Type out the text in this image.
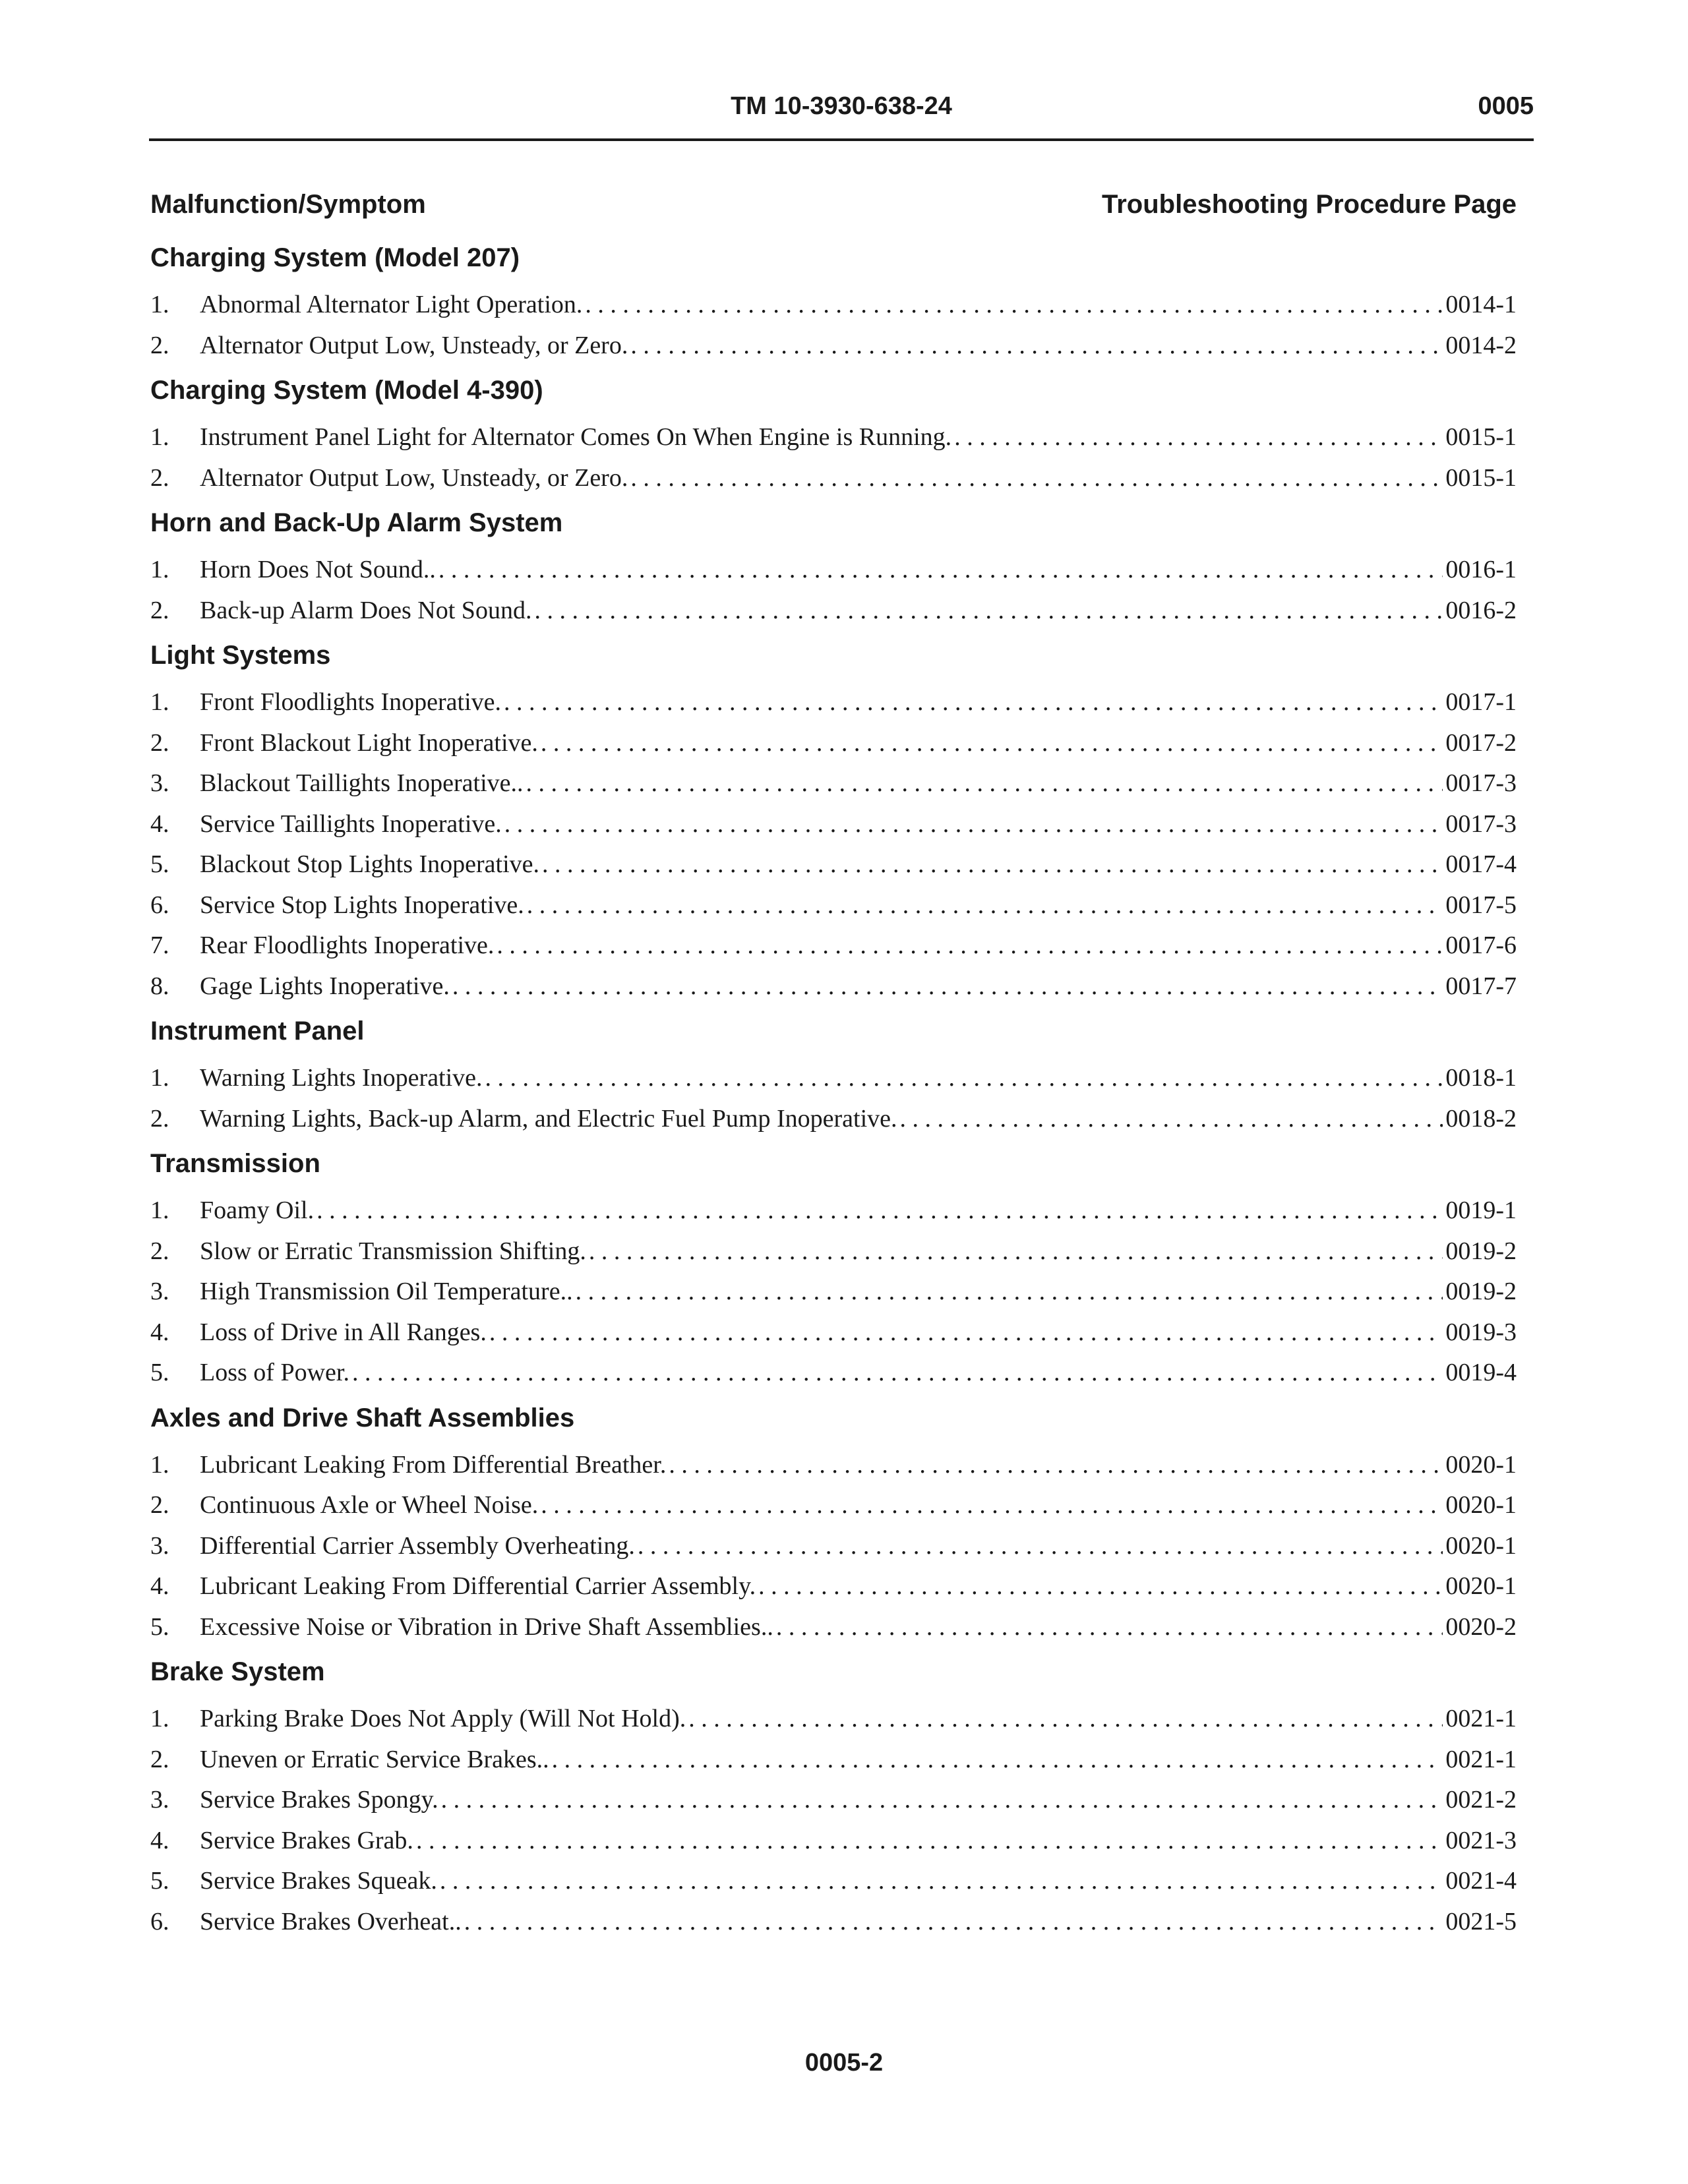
TM 10-3930-638-24	0005
Malfunction/Symptom	Troubleshooting Procedure Page
Charging System (Model 207)
1.	Abnormal Alternator Light Operation. . . .	0014-1
2.	Alternator Output Low, Unsteady, or Zero. . . .	0014-2
Charging System (Model 4-390)
1.	Instrument Panel Light for Alternator Comes On When Engine is Running. . . .	0015-1
2.	Alternator Output Low, Unsteady, or Zero. . . .	0015-1
Horn and Back-Up Alarm System
1.	Horn Does Not Sound.. . . .	0016-1
2.	Back-up Alarm Does Not Sound. . . .	0016-2
Light Systems
1.	Front Floodlights Inoperative. . . .	0017-1
2.	Front Blackout Light Inoperative. . . .	0017-2
3.	Blackout Taillights Inoperative.. . . .	0017-3
4.	Service Taillights Inoperative. . . .	0017-3
5.	Blackout Stop Lights Inoperative. . . .	0017-4
6.	Service Stop Lights Inoperative. . . .	0017-5
7.	Rear Floodlights Inoperative. . . .	0017-6
8.	Gage Lights Inoperative. . . .	0017-7
Instrument Panel
1.	Warning Lights Inoperative. . . .	0018-1
2.	Warning Lights, Back-up Alarm, and Electric Fuel Pump Inoperative. . . .	0018-2
Transmission
1.	Foamy Oil. . . .	0019-1
2.	Slow or Erratic Transmission Shifting. . . .	0019-2
3.	High Transmission Oil Temperature.. . . .	0019-2
4.	Loss of Drive in All Ranges. . . .	0019-3
5.	Loss of Power. . . .	0019-4
Axles and Drive Shaft Assemblies
1.	Lubricant Leaking From Differential Breather. . . .	0020-1
2.	Continuous Axle or Wheel Noise. . . .	0020-1
3.	Differential Carrier Assembly Overheating. . . .	0020-1
4.	Lubricant Leaking From Differential Carrier Assembly. . . .	0020-1
5.	Excessive Noise or Vibration in Drive Shaft Assemblies.. . . .	0020-2
Brake System
1.	Parking Brake Does Not Apply (Will Not Hold). . . .	0021-1
2.	Uneven or Erratic Service Brakes.. . . .	0021-1
3.	Service Brakes Spongy. . . .	0021-2
4.	Service Brakes Grab. . . .	0021-3
5.	Service Brakes Squeak. . . .	0021-4
6.	Service Brakes Overheat.. . . .	0021-5
0005-2
